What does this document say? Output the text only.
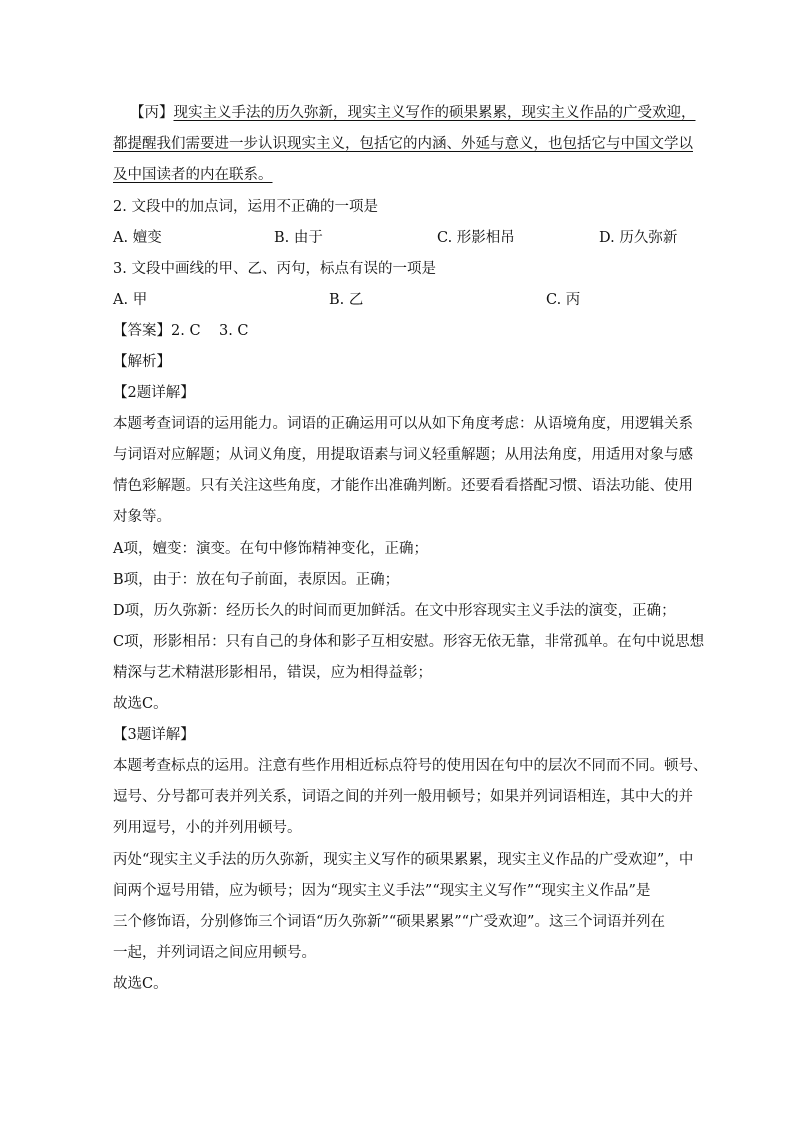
【丙】现实主义手法的历久弥新，现实主义写作的硕果累累，现实主义作品的广受欢迎，
都提醒我们需要进一步认识现实主义，包括它的内涵、外延与意义，也包括它与中国文学以
及中国读者的内在联系。
2. 文段中的加点词，运用不正确的一项是
A. 嬗变	B. 由于	C. 形影相吊	D. 历久弥新
3. 文段中画线的甲、乙、丙句，标点有误的一项是
A. 甲	B. 乙	C. 丙
【答案】2. C    3. C
【解析】
【2题详解】
本题考查词语的运用能力。词语的正确运用可以从如下角度考虑：从语境角度，用逻辑关系
与词语对应解题；从词义角度，用提取语素与词义轻重解题；从用法角度，用适用对象与感
情色彩解题。只有关注这些角度，才能作出准确判断。还要看看搭配习惯、语法功能、使用
对象等。
A项，嬗变：演变。在句中修饰精神变化，正确；
B项，由于：放在句子前面，表原因。正确；
D项，历久弥新：经历长久的时间而更加鲜活。在文中形容现实主义手法的演变，正确；
C项，形影相吊：只有自己的身体和影子互相安慰。形容无依无靠，非常孤单。在句中说思想
精深与艺术精湛形影相吊，错误，应为相得益彰；
故选C。
【3题详解】
本题考查标点的运用。注意有些作用相近标点符号的使用因在句中的层次不同而不同。顿号、
逗号、分号都可表并列关系，词语之间的并列一般用顿号；如果并列词语相连，其中大的并
列用逗号，小的并列用顿号。
丙处“现实主义手法的历久弥新，现实主义写作的硕果累累，现实主义作品的广受欢迎”，中
间两个逗号用错，应为顿号；因为“现实主义手法”“现实主义写作”“现实主义作品”是
三个修饰语，分别修饰三个词语“历久弥新”“硕果累累”“广受欢迎”。这三个词语并列在
一起，并列词语之间应用顿号。
故选C。
